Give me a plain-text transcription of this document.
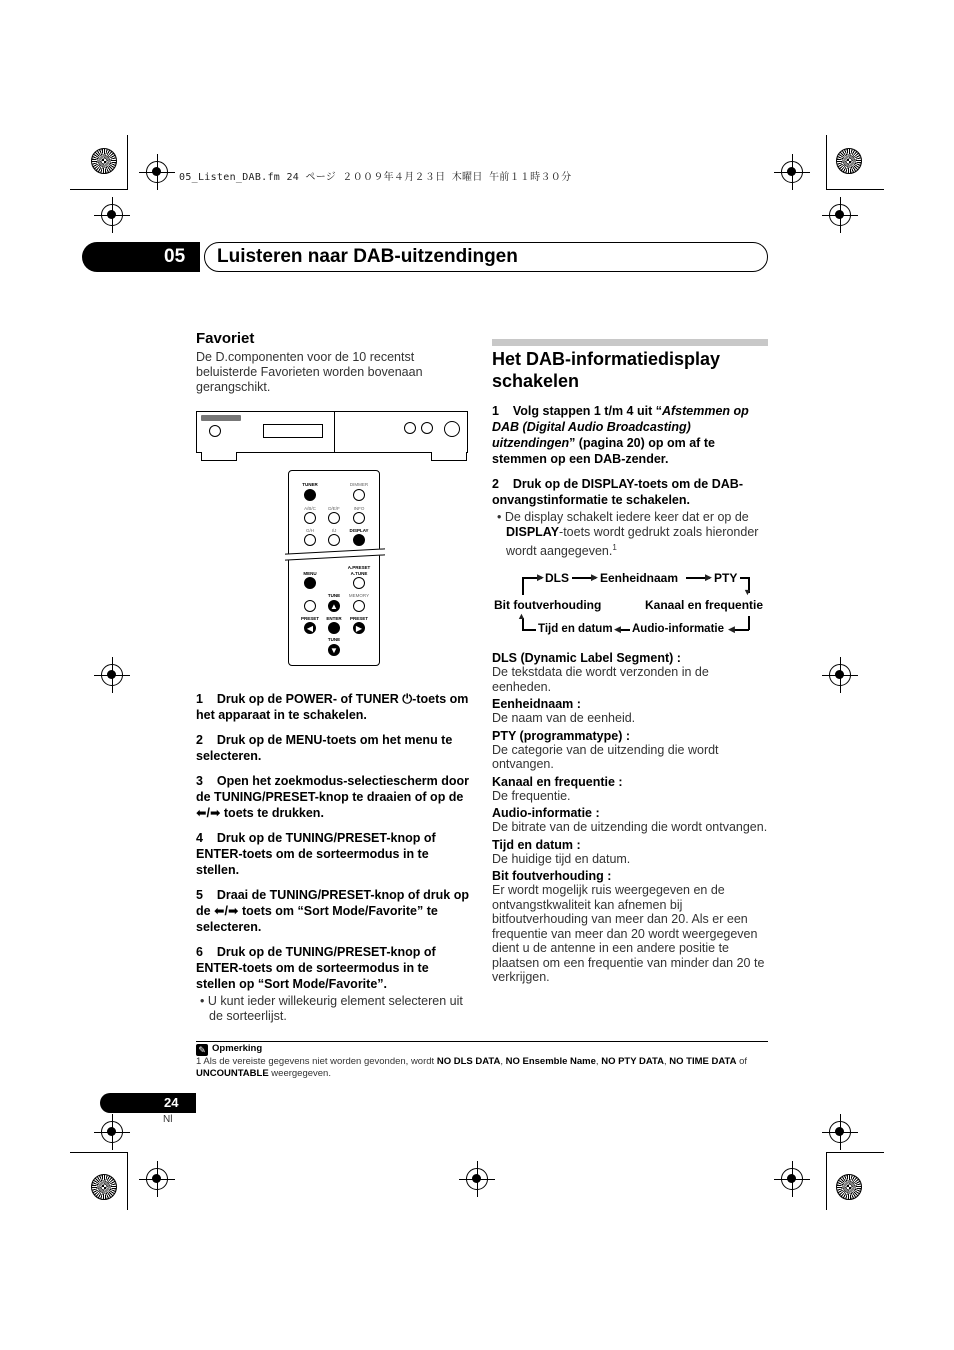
05_Listen_DAB.fm 24 ページ ２００９年４月２３日 木曜日 午前１１時３０分
05	Luisteren naar DAB-uitzendingen
Favoriet

De D.componenten voor de 10 recentst beluisterde Favorieten worden bovenaan gerangschikt.

TUNER	DIMMER
A/B/C	D/E/F	INFO
G/H	I/J	DISPLAY
A.PRESET
A.TUNE
MENU
TUNE	MEMORY
▲
PRESET	ENTER	PRESET
◀	▶
TUNE
▼

1 Druk op de POWER- of TUNER ⏻-toets om het apparaat in te schakelen.

2 Druk op de MENU-toets om het menu te selecteren.

3 Open het zoekmodus-selectiescherm door de TUNING/PRESET-knop te draaien of op de ⬅/➡ toets te drukken.

4 Druk op de TUNING/PRESET-knop of ENTER-toets om de sorteermodus in te stellen.

5 Draai de TUNING/PRESET-knop of druk op de ⬅/➡ toets om “Sort Mode/Favorite” te selecteren.

6 Druk op de TUNING/PRESET-knop of ENTER-toets om de sorteermodus in te stellen op “Sort Mode/Favorite”.

• U kunt ieder willekeurig element selecteren uit de sorteerlijst.

Het DAB-informatiedisplay schakelen

1 Volg stappen 1 t/m 4 uit “Afstemmen op DAB (Digital Audio Broadcasting) uitzendingen” (pagina 20) op om af te stemmen op een DAB-zender.

2 Druk op de DISPLAY-toets om de DAB-onvangstinformatie te schakelen.

• De display schakelt iedere keer dat er op de DISPLAY-toets wordt gedrukt zoals hieronder wordt aangegeven.$^1$

DLS	Eenheidnaam	PTY
Bit foutverhouding	Kanaal en frequentie
Tijd en datum Audio-informatie
▶	▶	▶
▼
◀
◀
▲

DLS (Dynamic Label Segment) :

De tekstdata die wordt verzonden in de eenheden.

Eenheidnaam :

De naam van de eenheid.

PTY (programmatype) :

De categorie van de uitzending die wordt ontvangen.

Kanaal en frequentie :

De frequentie.

Audio-informatie :

De bitrate van de uitzending die wordt ontvangen.

Tijd en datum :

De huidige tijd en datum.

Bit foutverhouding :

Er wordt mogelijk ruis weergegeven en de ontvangstkwaliteit kan afnemen bij bitfoutverhouding van meer dan 20. Als er een frequentie van meer dan 20 wordt weergegeven dient u de antenne in een andere positie te plaatsen om een frequentie van minder dan 20 te verkrijgen.

✎ Opmerking

1 Als de vereiste gegevens niet worden gevonden, wordt NO DLS DATA, NO Ensemble Name, NO PTY DATA, NO TIME DATA of UNCOUNTABLE weergegeven.

24
Nl
